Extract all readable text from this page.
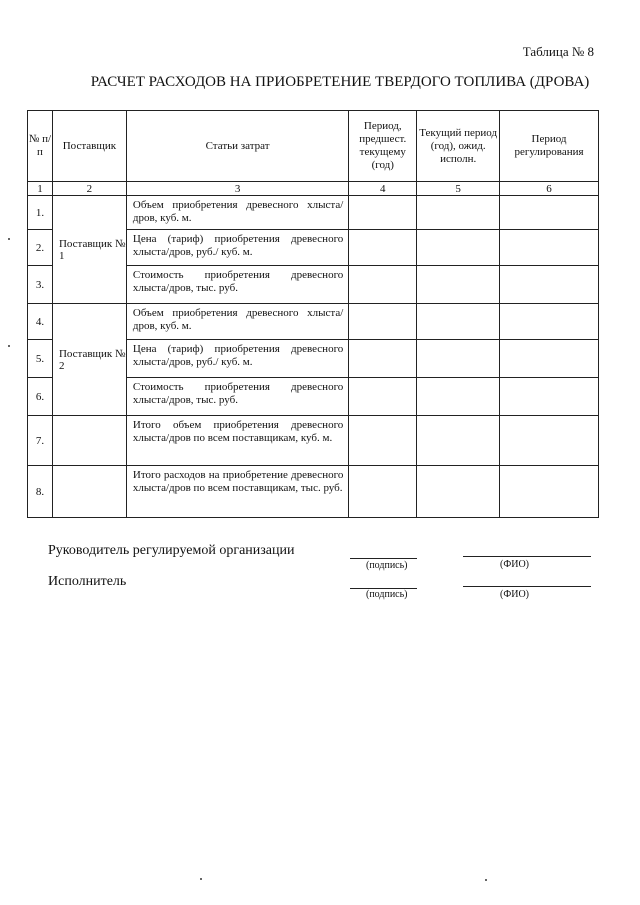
Таблица № 8
РАСЧЕТ РАСХОДОВ НА ПРИОБРЕТЕНИЕ ТВЕРДОГО ТОПЛИВА (ДРОВА)
№ п/п	Поставщик	Статьи затрат	Период, предшест. текущему (год)	Текущий период (год), ожид. исполн.	Период регулирования
1	2	3	4	5	6
1.	Поставщик № 1	Объем приобретения древесного хлыста/дров, куб. м.			
2.		Цена (тариф) приобретения древесного хлыста/дров, руб./ куб. м.			
3.		Стоимость приобретения древесного хлыста/дров, тыс. руб.			
4.	Поставщик № 2	Объем приобретения древесного хлыста/дров, куб. м.			
5.		Цена (тариф) приобретения древесного хлыста/дров, руб./ куб. м.			
6.		Стоимость приобретения древесного хлыста/дров, тыс. руб.			
7.		Итого объем приобретения древесного хлыста/дров по всем поставщикам, куб. м.			
8.		Итого расходов на приобретение древесного хлыста/дров по всем поставщикам, тыс. руб.			
Руководитель регулируемой организации
(подпись)	(ФИО)
Исполнитель
(подпись)	(ФИО)
